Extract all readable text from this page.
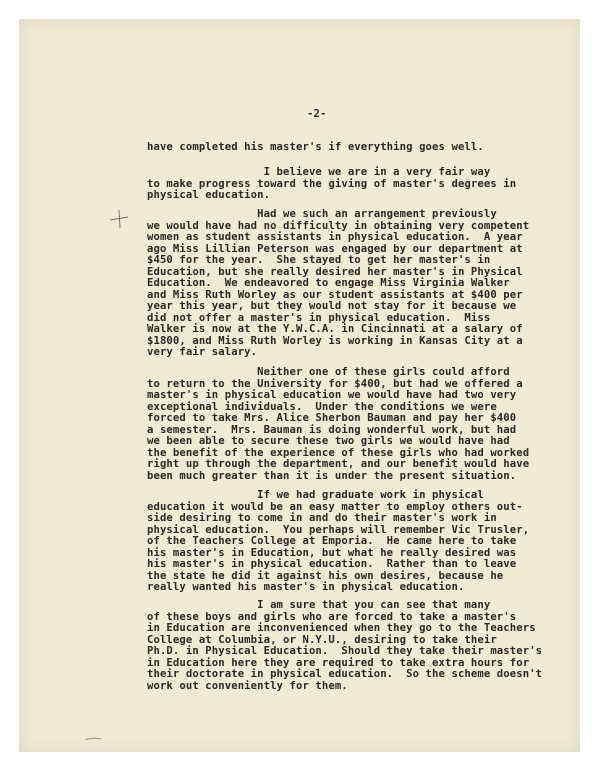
-2-
have completed his master's if everything goes well.
I believe we are in a very fair way
to make progress toward the giving of master's degrees in
physical education.
Had we such an arrangement previously
we would have had no difficulty in obtaining very competent
women as student assistants in physical education.  A year
ago Miss Lillian Peterson was engaged by our department at
$450 for the year.  She stayed to get her master's in
Education, but she really desired her master's in Physical
Education.  We endeavored to engage Miss Virginia Walker
and Miss Ruth Worley as our student assistants at $400 per
year this year, but they would not stay for it because we
did not offer a master's in physical education.  Miss
Walker is now at the Y.W.C.A. in Cincinnati at a salary of
$1800, and Miss Ruth Worley is working in Kansas City at a
very fair salary.
Neither one of these girls could afford
to return to the University for $400, but had we offered a
master's in physical education we would have had two very
exceptional individuals.  Under the conditions we were
forced to take Mrs. Alice Sherbon Bauman and pay her $400
a semester.  Mrs. Bauman is doing wonderful work, but had
we been able to secure these two girls we would have had
the benefit of the experience of these girls who had worked
right up through the department, and our benefit would have
been much greater than it is under the present situation.
If we had graduate work in physical
education it would be an easy matter to employ others out-
side desiring to come in and do their master's work in
physical education.  You perhaps will remember Vic Trusler,
of the Teachers College at Emporia.  He came here to take
his master's in Education, but what he really desired was
his master's in physical education.  Rather than to leave
the state he did it against his own desires, because he
really wanted his master's in physical education.
I am sure that you can see that many
of these boys and girls who are forced to take a master's
in Education are inconvenienced when they go to the Teachers
College at Columbia, or N.Y.U., desiring to take their
Ph.D. in Physical Education.  Should they take their master's
in Education here they are required to take extra hours for
their doctorate in physical education.  So the scheme doesn't
work out conveniently for them.
